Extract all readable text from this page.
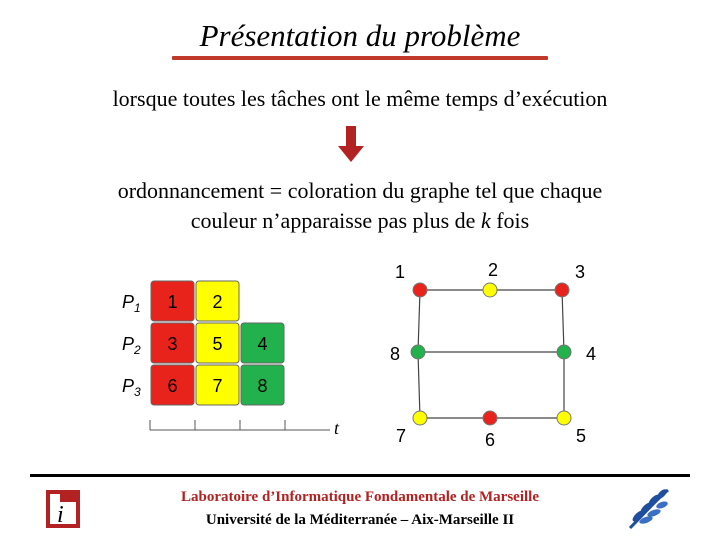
Présentation du problème
lorsque toutes les tâches ont le même temps d’exécution
ordonnancement = coloration du graphe tel que chaque
couleur n’apparaisse pas plus de k fois
$P_1$ 1 2
$P_2$ 3 5 4
$P_3$ 6 7 8
t
1	2	3
4
5
6
7
8
i
Laboratoire d’Informatique Fondamentale de Marseille
Université de la Méditerranée – Aix-Marseille II
